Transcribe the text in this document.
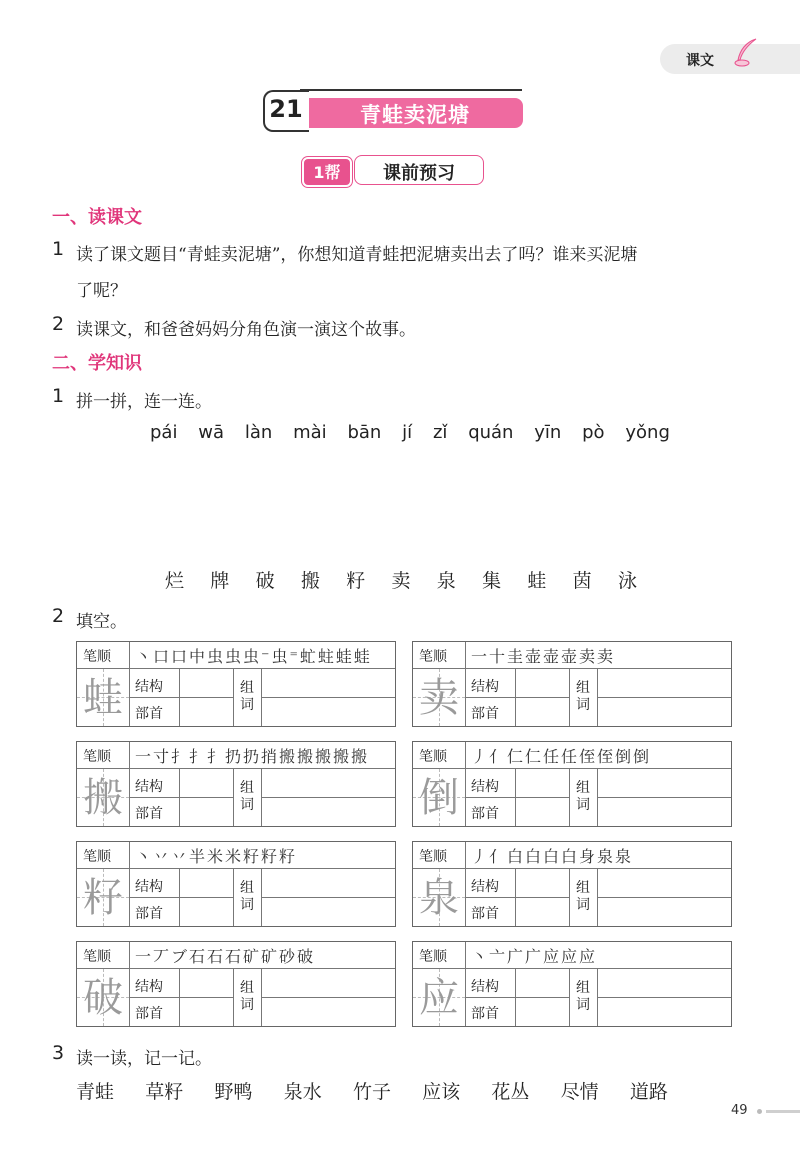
课文
21	青蛙卖泥塘
1帮	课前预习
一、读课文
1 读了课文题目“青蛙卖泥塘”，你想知道青蛙把泥塘卖出去了吗？谁来买泥塘
了呢？
2 读课文，和爸爸妈妈分角色演一演这个故事。
二、学知识
1 拼一拼，连一连。
pái wā làn mài bān jí zǐ quán yīn pò yǒng
烂 牌 破 搬 籽 卖 泉 集 蛙 茵 泳
2 填空。
笔顺 丶口口中虫虫虫⁻虫⁼虻蛀蛙蛙
蛙 结构
部首
组
词
笔顺 一十圭壶壶壶卖卖
卖 结构
部首
组
词
笔顺 一寸扌扌扌扔扔捎搬搬搬搬搬
搬 结构
部首
组
词
笔顺 丿亻仁仁任任侄侄倒倒
倒 结构
部首
组
词
笔顺 丶丷丷半米米籽籽籽
籽 结构
部首
组
词
笔顺 丿亻白白白白身泉泉
泉 结构
部首
组
词
笔顺 一丆ブ石石石矿矿砂破
破 结构
部首
组
词
笔顺 丶亠广广应应应
应 结构
部首
组
词
3 读一读，记一记。
青蛙 草籽 野鸭 泉水 竹子 应该 花丛 尽情 道路
49
